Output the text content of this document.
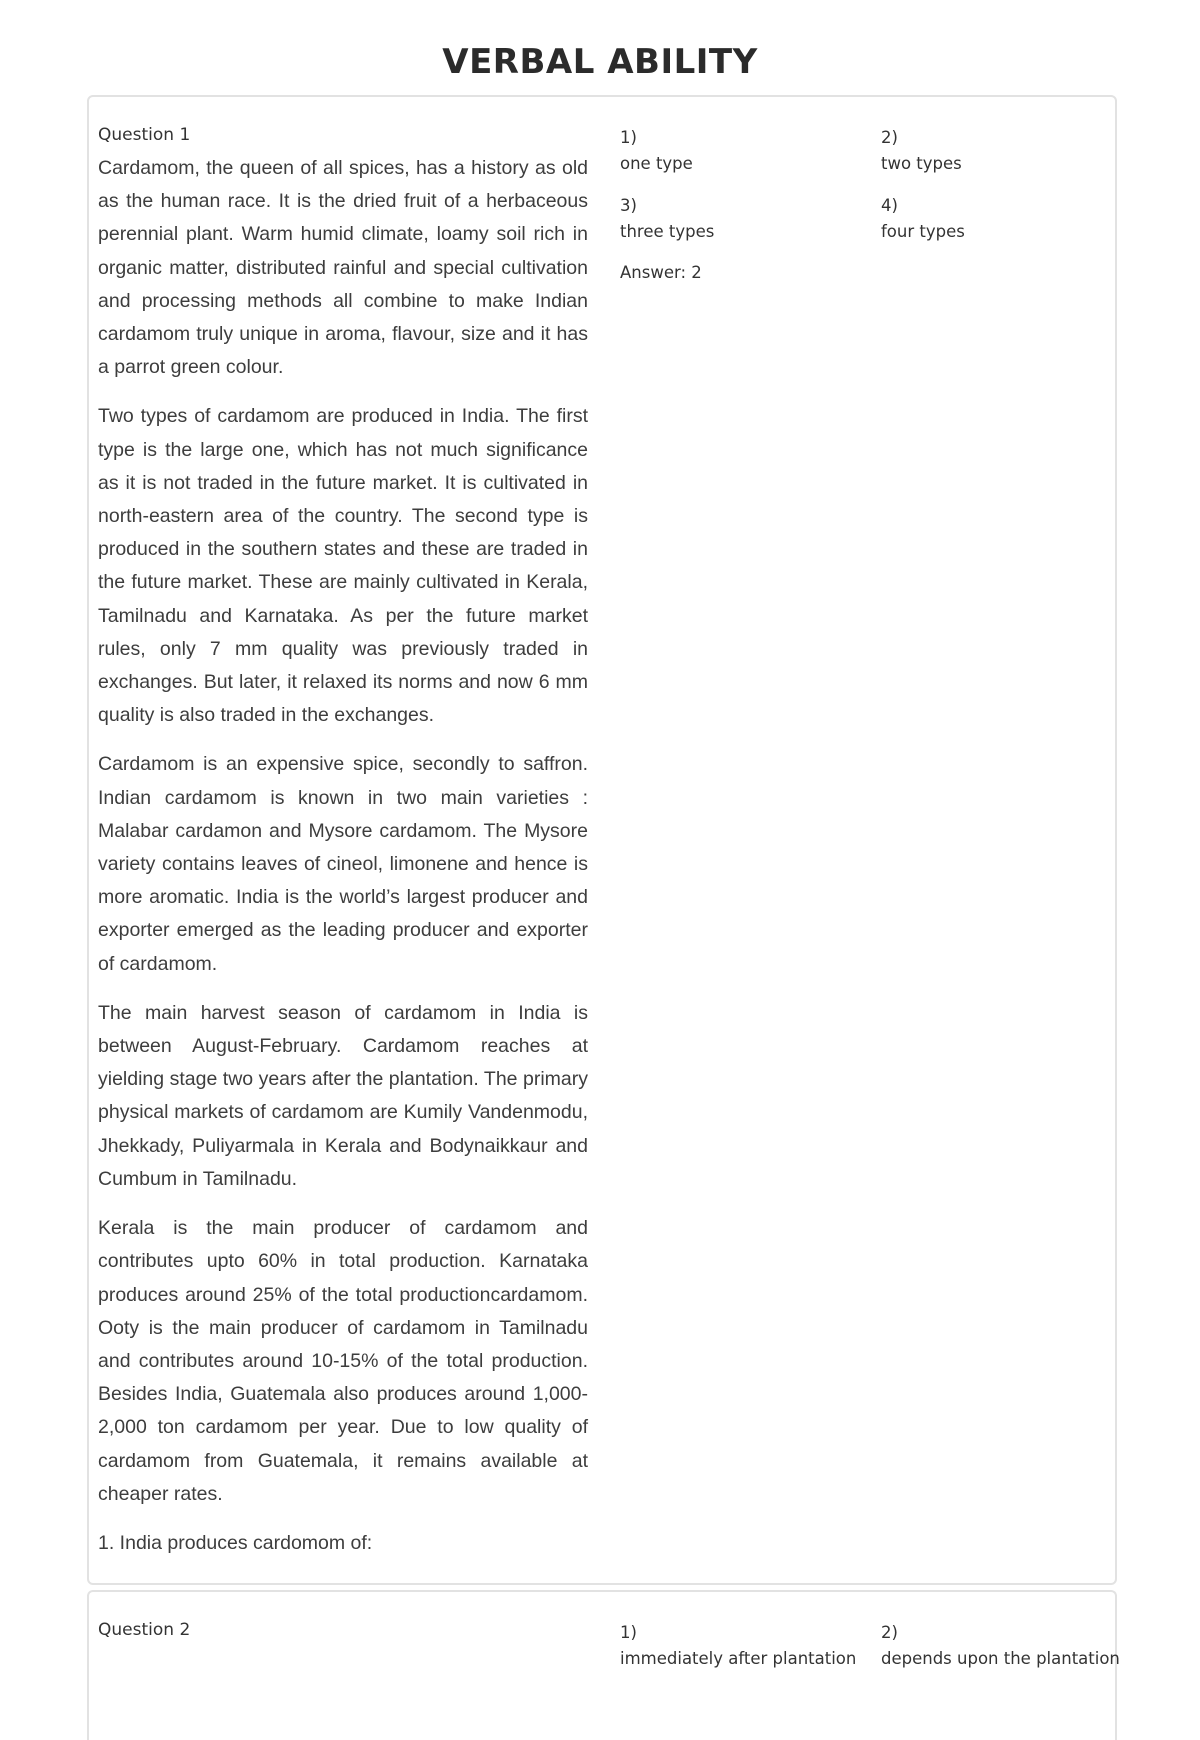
VERBAL ABILITY
Question 1

Cardamom, the queen of all spices, has a history as old as the human race. It is the dried fruit of a herbaceous perennial plant. Warm humid climate, loamy soil rich in organic matter, distributed rainful and special cultivation and processing methods all combine to make Indian cardamom truly unique in aroma, flavour, size and it has a parrot green colour.

Two types of cardamom are produced in India. The first type is the large one, which has not much significance as it is not traded in the future market. It is cultivated in north-eastern area of the country. The second type is produced in the southern states and these are traded in the future market. These are mainly cultivated in Kerala, Tamilnadu and Karnataka. As per the future market rules, only 7 mm quality was previously traded in exchanges. But later, it relaxed its norms and now 6 mm quality is also traded in the exchanges.

Cardamom is an expensive spice, secondly to saffron. Indian cardamom is known in two main varieties : Malabar cardamon and Mysore cardamom. The Mysore variety contains leaves of cineol, limonene and hence is more aromatic. India is the world’s largest producer and exporter emerged as the leading producer and exporter of cardamom.

The main harvest season of cardamom in India is between August-February. Cardamom reaches at yielding stage two years after the plantation. The primary physical markets of cardamom are Kumily Vandenmodu, Jhekkady, Puliyarmala in Kerala and Bodynaikkaur and Cumbum in Tamilnadu.

Kerala is the main producer of cardamom and contributes upto 60% in total production. Karnataka produces around 25% of the total productioncardamom. Ooty is the main producer of cardamom in Tamilnadu and contributes around 10-15% of the total production. Besides India, Guatemala also produces around 1,000-2,000 ton cardamom per year. Due to low quality of cardamom from Guatemala, it remains available at cheaper rates.

1. India produces cardomom of:

1)
one type
2)
two types
3)
three types
4)
four types
Answer: 2
Question 2	1)
immediately after plantation
2)
depends upon the plantation
